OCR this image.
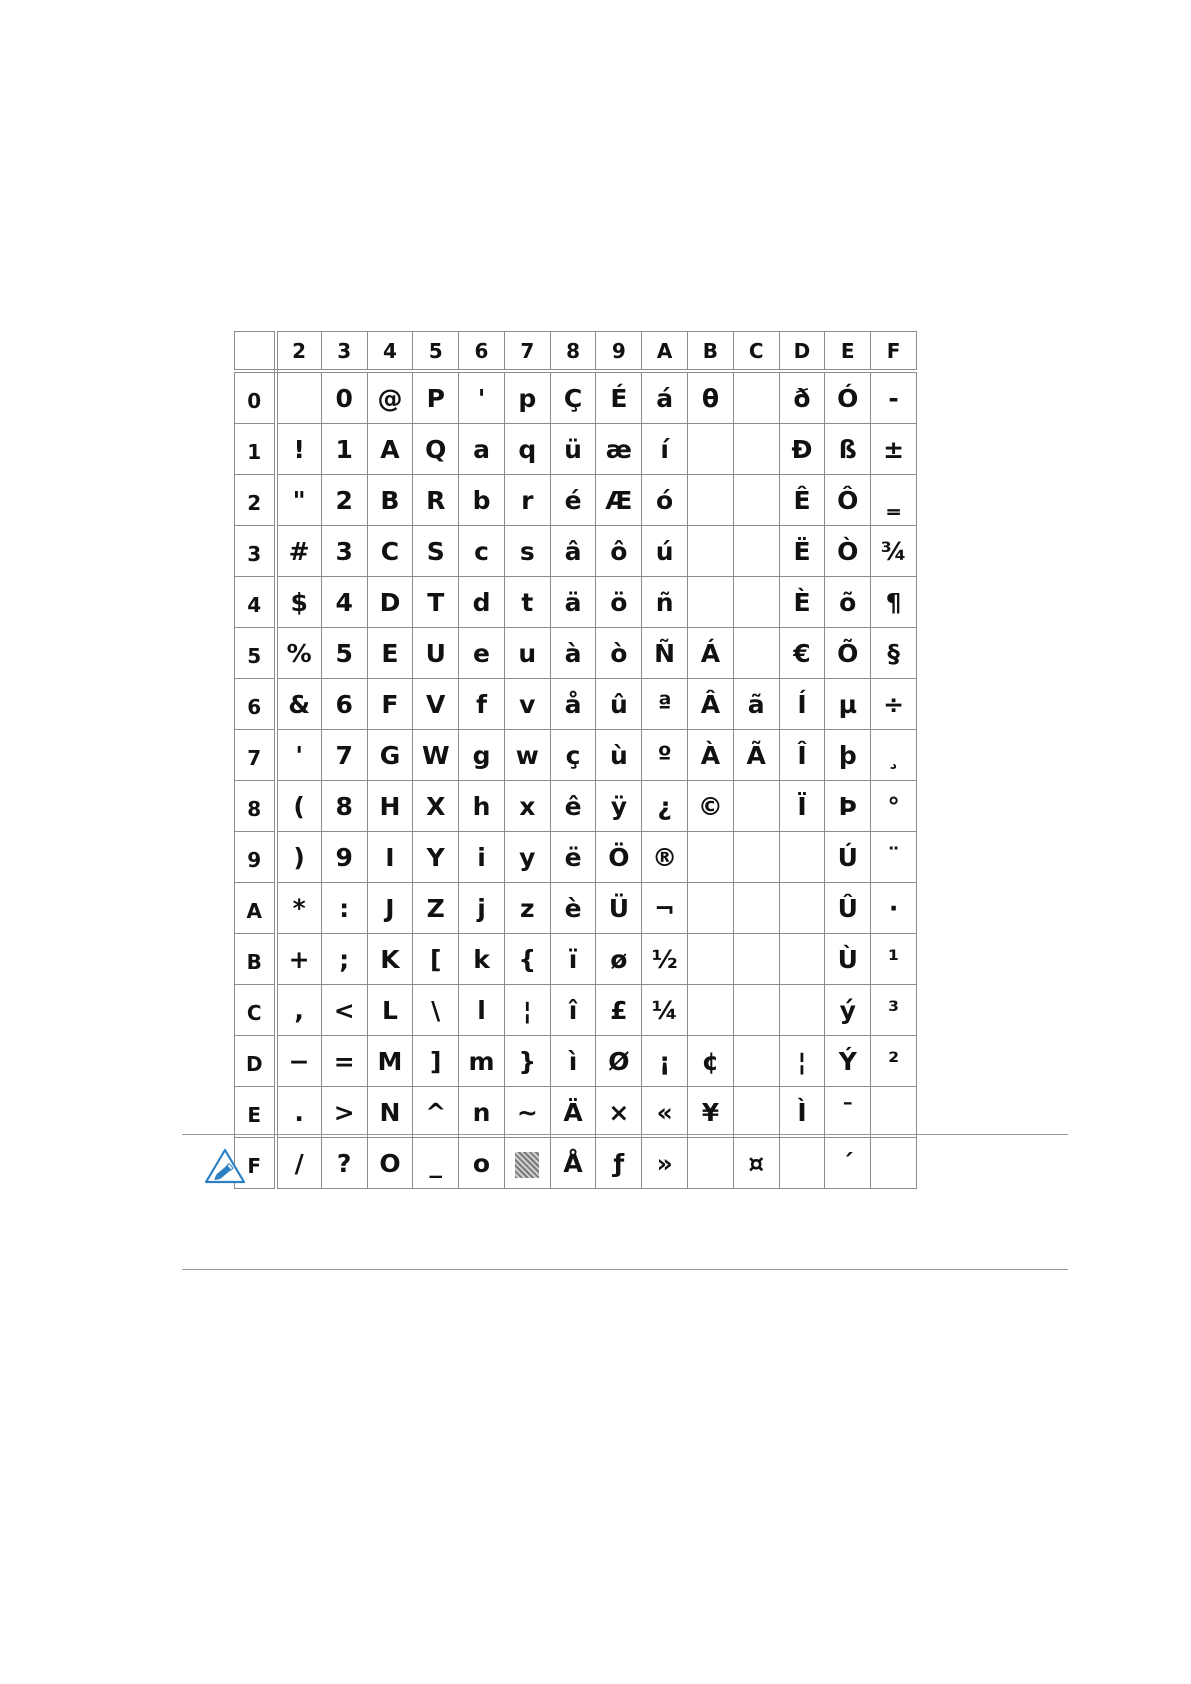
	2	3	4	5	6	7	8	9	A	B	C	D	E	F
0		0	@	P	'	p	Ç	É	á	θ		ð	Ó	-
1	!	1	A	Q	a	q	ü	æ	í			Đ	ß	±
2	"	2	B	R	b	r	é	Æ	ó			Ê	Ô	‗
3	#	3	C	S	c	s	â	ô	ú			Ë	Ò	¾
4	$	4	D	T	d	t	ä	ö	ñ			È	õ	¶
5	%	5	E	U	e	u	à	ò	Ñ	Á		€	Õ	§
6	&	6	F	V	f	v	å	û	ª	Â	ã	Í	µ	÷
7	'	7	G	W	g	w	ç	ù	º	À	Ã	Î	þ	¸
8	(	8	H	X	h	x	ê	ÿ	¿	©		Ï	Þ	°
9	)	9	I	Y	i	y	ë	Ö	®				Ú	¨
A	*	:	J	Z	j	z	è	Ü	¬				Û	·
B	+	;	K	[	k	{	ï	ø	½				Ù	¹
C	,	<	L	\	l	¦	î	£	¼				ý	³
D	−	=	M	]	m	}	ì	Ø	¡	¢		¦	Ý	²
E	.	>	N	^	n	~	Ä	×	«	¥		Ì	¯	
F	/	?	O	_	o		Å	ƒ	»		¤		´	
